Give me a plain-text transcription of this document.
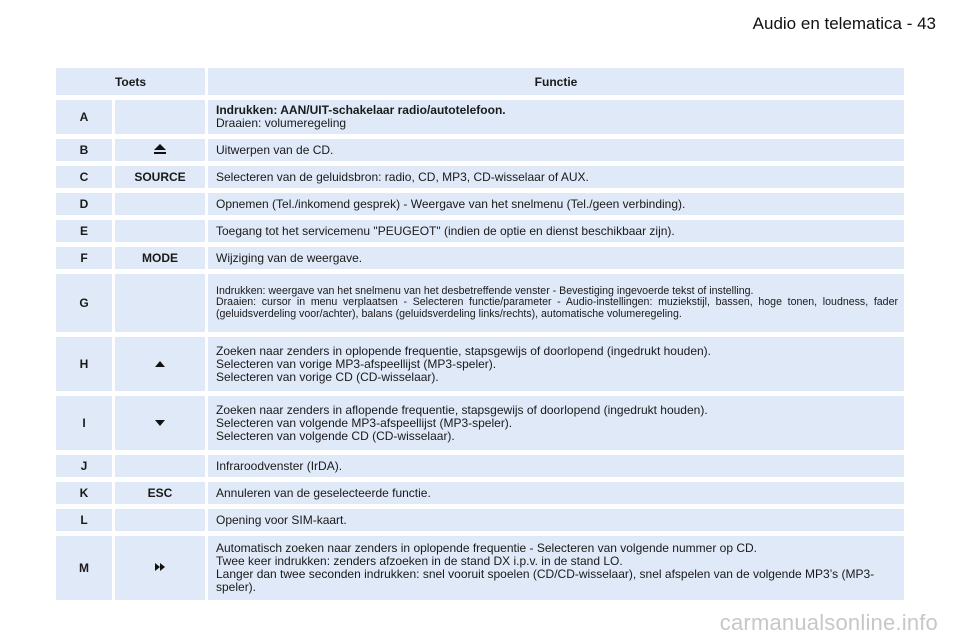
Audio en telematica - 43
Toets		Functie
A		Indrukken: AAN/UIT-schakelaar radio/autotelefoon.
Draaien: volumeregeling

B		Uitwerpen van de CD.

C	SOURCE	Selecteren van de geluidsbron: radio, CD, MP3, CD-wisselaar of AUX.

D		Opnemen (Tel./inkomend gesprek) - Weergave van het snelmenu (Tel./geen verbinding).

E		Toegang tot het servicemenu "PEUGEOT" (indien de optie en dienst beschikbaar zijn).

F	MODE	Wijziging van de weergave.

G		Indrukken: weergave van het snelmenu van het desbetreffende venster - Bevestiging ingevoerde tekst of instelling.
Draaien: cursor in menu verplaatsen - Selecteren functie/parameter - Audio-instellingen: muziekstijl, bassen, hoge tonen, loudness, fader (geluidsverdeling voor/achter), balans (geluidsverdeling links/rechts), automatische volumeregeling.

H		Zoeken naar zenders in oplopende frequentie, stapsgewijs of doorlopend (ingedrukt houden).
Selecteren van vorige MP3-afspeellijst (MP3-speler).
Selecteren van vorige CD (CD-wisselaar).

I		Zoeken naar zenders in aflopende frequentie, stapsgewijs of doorlopend (ingedrukt houden).
Selecteren van volgende MP3-afspeellijst (MP3-speler).
Selecteren van volgende CD (CD-wisselaar).

J		Infraroodvenster (IrDA).

K	ESC	Annuleren van de geselecteerde functie.

L		Opening voor SIM-kaart.

M		Automatisch zoeken naar zenders in oplopende frequentie - Selecteren van volgende nummer op CD.
Twee keer indrukken: zenders afzoeken in de stand DX i.p.v. in de stand LO.
Langer dan twee seconden indrukken: snel vooruit spoelen (CD/CD-wisselaar), snel afspelen van de volgende MP3’s (MP3-speler).
carmanualsonline.info
